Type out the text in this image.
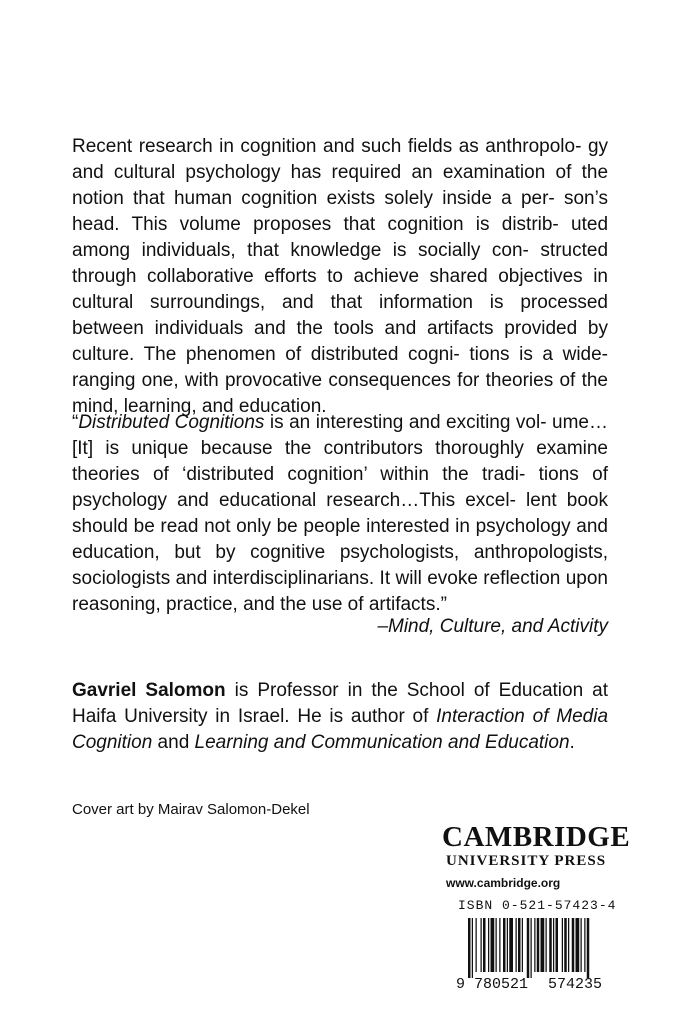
Recent research in cognition and such fields as anthropolo- gy and cultural psychology has required an examination of the notion that human cognition exists solely inside a per- son’s head. This volume proposes that cognition is distrib- uted among individuals, that knowledge is socially con- structed through collaborative efforts to achieve shared objectives in cultural surroundings, and that information is processed between individuals and the tools and artifacts provided by culture. The phenomen of distributed cogni- tions is a wide-ranging one, with provocative consequences for theories of the mind, learning, and education.
“Distributed Cognitions is an interesting and exciting vol- ume…[It] is unique because the contributors thoroughly examine theories of ‘distributed cognition’ within the tradi- tions of psychology and educational research…This excel- lent book should be read not only be people interested in psychology and education, but by cognitive psychologists, anthropologists, sociologists and interdisciplinarians. It will evoke reflection upon reasoning, practice, and the use of artifacts.”
–Mind, Culture, and Activity
Gavriel Salomon is Professor in the School of Education at Haifa University in Israel. He is author of Interaction of Media Cognition and Learning and Communication and Education.
Cover art by Mairav Salomon-Dekel
CAMBRIDGE
UNIVERSITY PRESS
www.cambridge.org
ISBN 0-521-57423-4
9 780521 574235
